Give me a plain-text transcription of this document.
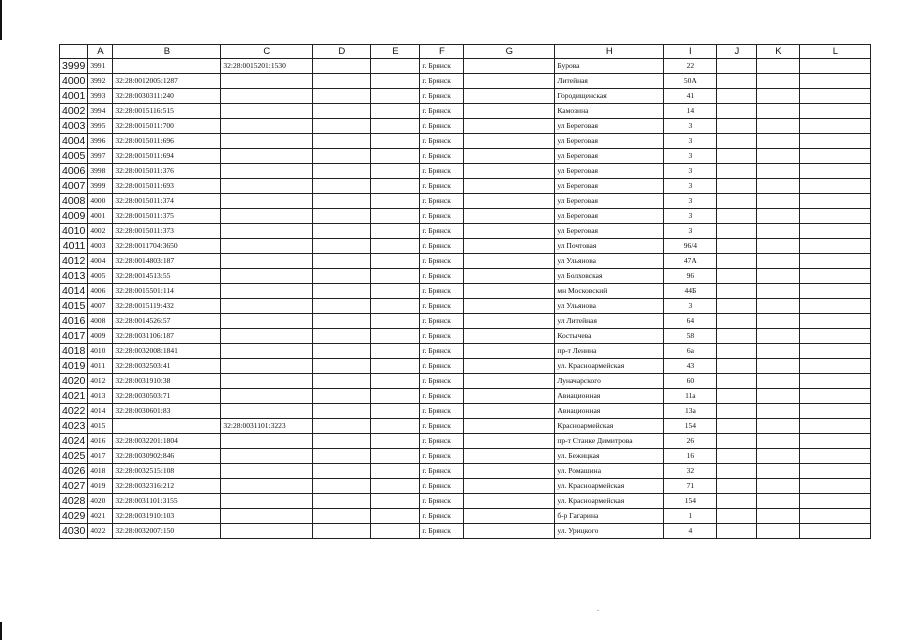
	A	B	C	D	E	F	G	H	I	J	K	L
3999	3991		32:28:0015201:1530			г. Брянск		Бурова	22			
4000	3992	32:28:0012005:1287				г. Брянск		Литейная	50А			
4001	3993	32:28:0030311:240				г. Брянск		Городищенская	41			
4002	3994	32:28:0015116:515				г. Брянск		Камозина	14			
4003	3995	32:28:0015011:700				г. Брянск		ул Береговая	3			
4004	3996	32:28:0015011:696				г. Брянск		ул Береговая	3			
4005	3997	32:28:0015011:694				г. Брянск		ул Береговая	3			
4006	3998	32:28:0015011:376				г. Брянск		ул Береговая	3			
4007	3999	32:28:0015011:693				г. Брянск		ул Береговая	3			
4008	4000	32:28:0015011:374				г. Брянск		ул Береговая	3			
4009	4001	32:28:0015011:375				г. Брянск		ул Береговая	3			
4010	4002	32:28:0015011:373				г. Брянск		ул Береговая	3			
4011	4003	32:28:0011704:3650				г. Брянск		ул Почтовая	96/4			
4012	4004	32:28:0014803:187				г. Брянск		ул Ульянова	47А			
4013	4005	32:28:0014513:55				г. Брянск		ул Болховская	96			
4014	4006	32:28:0015501:114				г. Брянск		мн Московский	44Б			
4015	4007	32:28:0015119:432				г. Брянск		ул Ульянова	3			
4016	4008	32:28:0014526:57				г. Брянск		ул Литейная	64			
4017	4009	32:28:0031106:187				г. Брянск		Костычева	58			
4018	4010	32:28:0032008:1841				г. Брянск		пр-т Ленина	6а			
4019	4011	32:28:0032503:41				г. Брянск		ул. Красноармейская	43			
4020	4012	32:28:0031910:38				г. Брянск		Луначарского	60			
4021	4013	32:28:0030503:71				г. Брянск		Авиационная	11а			
4022	4014	32:28:0030601:83				г. Брянск		Авиационная	13а			
4023	4015		32:28:0031101:3223			г. Брянск		Красноармейская	154			
4024	4016	32:28:0032201:1804				г. Брянск		пр-т Станке Димитрова	26			
4025	4017	32:28:0030902:846				г. Брянск		ул. Бежицкая	16			
4026	4018	32:28:0032515:108				г. Брянск		ул. Ромашина	32			
4027	4019	32:28:0032316:212				г. Брянск		ул. Красноармейская	71			
4028	4020	32:28:0031101:3155				г. Брянск		ул. Красноармейская	154			
4029	4021	32:28:0031910:103				г. Брянск		б-р Гагарина	1			
4030	4022	32:28:0032007:150				г. Брянск		ул. Урицкого	4			
